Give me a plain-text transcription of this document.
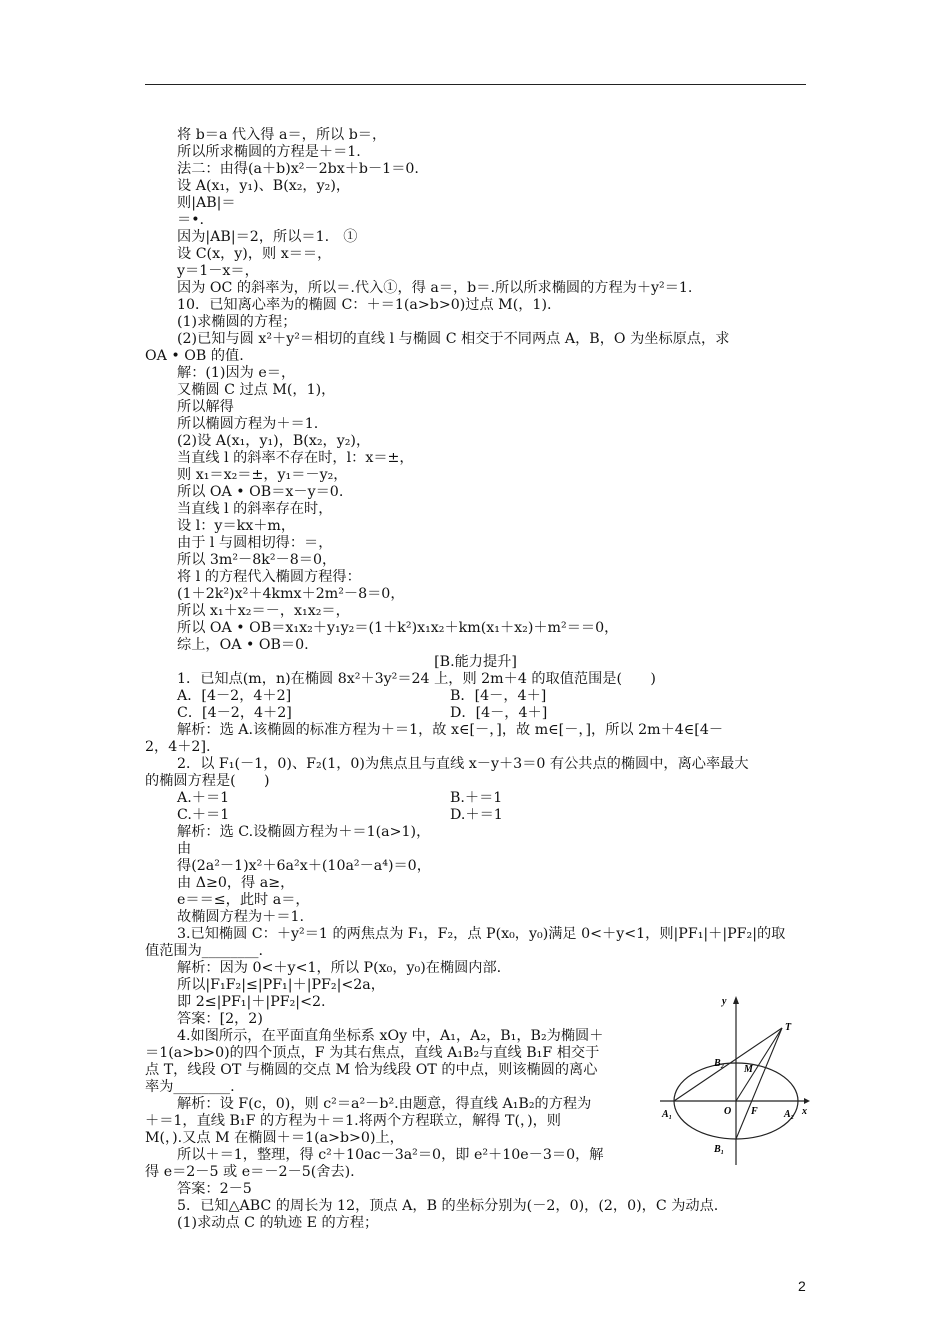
将 b＝a 代入得 a＝，所以 b＝，
所以所求椭圆的方程是＋＝1.
法二：由得(a＋b)x²－2bx＋b－1＝0.
设 A(x₁，y₁)、B(x₂，y₂)，
则|AB|＝
＝•.
因为|AB|＝2，所以＝1.　①
设 C(x，y)，则 x＝＝，
y＝1－x＝，
因为 OC 的斜率为，所以＝.代入①，得 a＝，b＝.所以所求椭圆的方程为＋y²＝1.
10．已知离心率为的椭圆 C：＋＝1(a>b>0)过点 M(，1).
(1)求椭圆的方程；
(2)已知与圆 x²＋y²＝相切的直线 l 与椭圆 C 相交于不同两点 A，B，O 为坐标原点，求
OA • OB 的值.
解：(1)因为 e＝，
又椭圆 C 过点 M(，1)，
所以解得
所以椭圆方程为＋＝1.
(2)设 A(x₁，y₁)，B(x₂，y₂)，
当直线 l 的斜率不存在时，l：x＝±，
则 x₁＝x₂＝±，y₁＝－y₂，
所以 OA • OB＝x－y＝0.
当直线 l 的斜率存在时，
设 l：y＝kx＋m，
由于 l 与圆相切得：＝，
所以 3m²－8k²－8＝0，
将 l 的方程代入椭圆方程得：
(1＋2k²)x²＋4kmx＋2m²－8＝0，
所以 x₁＋x₂＝－，x₁x₂＝，
所以 OA • OB＝x₁x₂＋y₁y₂＝(1＋k²)x₁x₂＋km(x₁＋x₂)＋m²＝＝0，
综上，OA • OB＝0.
[B.能力提升]
1．已知点(m，n)在椭圆 8x²＋3y²＝24 上，则 2m＋4 的取值范围是(　　)
A．[4－2，4＋2]	B．[4－，4＋]
C．[4－2，4＋2]	D．[4－，4＋]
解析：选 A.该椭圆的标准方程为＋＝1，故 x∈[－，]，故 m∈[－，]，所以 2m＋4∈[4－
2，4＋2].
2．以 F₁(－1，0)、F₂(1，0)为焦点且与直线 x－y＋3＝0 有公共点的椭圆中，离心率最大
的椭圆方程是(　　)
A.＋＝1	B.＋＝1
C.＋＝1	D.＋＝1
解析：选 C.设椭圆方程为＋＝1(a>1)，
由
得(2a²－1)x²＋6a²x＋(10a²－a⁴)＝0，
由 Δ≥0，得 a≥，
e＝＝≤，此时 a＝，
故椭圆方程为＋＝1.
3.已知椭圆 C：＋y²＝1 的两焦点为 F₁，F₂，点 P(x₀，y₀)满足 0<＋y<1，则|PF₁|＋|PF₂|的取
值范围为________.
解析：因为 0<＋y<1，所以 P(x₀，y₀)在椭圆内部.
所以|F₁F₂|≤|PF₁|＋|PF₂|<2a，
即 2≤|PF₁|＋|PF₂|<2.
答案：[2，2)
4.如图所示，在平面直角坐标系 xOy 中，A₁，A₂，B₁，B₂为椭圆＋
＝1(a>b>0)的四个顶点，F 为其右焦点，直线 A₁B₂与直线 B₁F 相交于
点 T，线段 OT 与椭圆的交点 M 恰为线段 OT 的中点，则该椭圆的离心
率为________.
解析：设 F(c，0)，则 c²＝a²－b².由题意，得直线 A₁B₂的方程为
＋＝1，直线 B₁F 的方程为＋＝1.将两个方程联立，解得 T(，)，则
M(，).又点 M 在椭圆＋＝1(a>b>0)上，
所以＋＝1，整理，得 c²＋10ac－3a²＝0，即 e²＋10e－3＝0，解
得 e＝2－5 或 e＝－2－5(舍去).
答案：2－5
5．已知△ABC 的周长为 12，顶点 A，B 的坐标分别为(－2，0)，(2，0)，C 为动点.
(1)求动点 C 的轨迹 E 的方程；
y
x
T
B₂
M
A₁	O F	A₂
B₁
2
